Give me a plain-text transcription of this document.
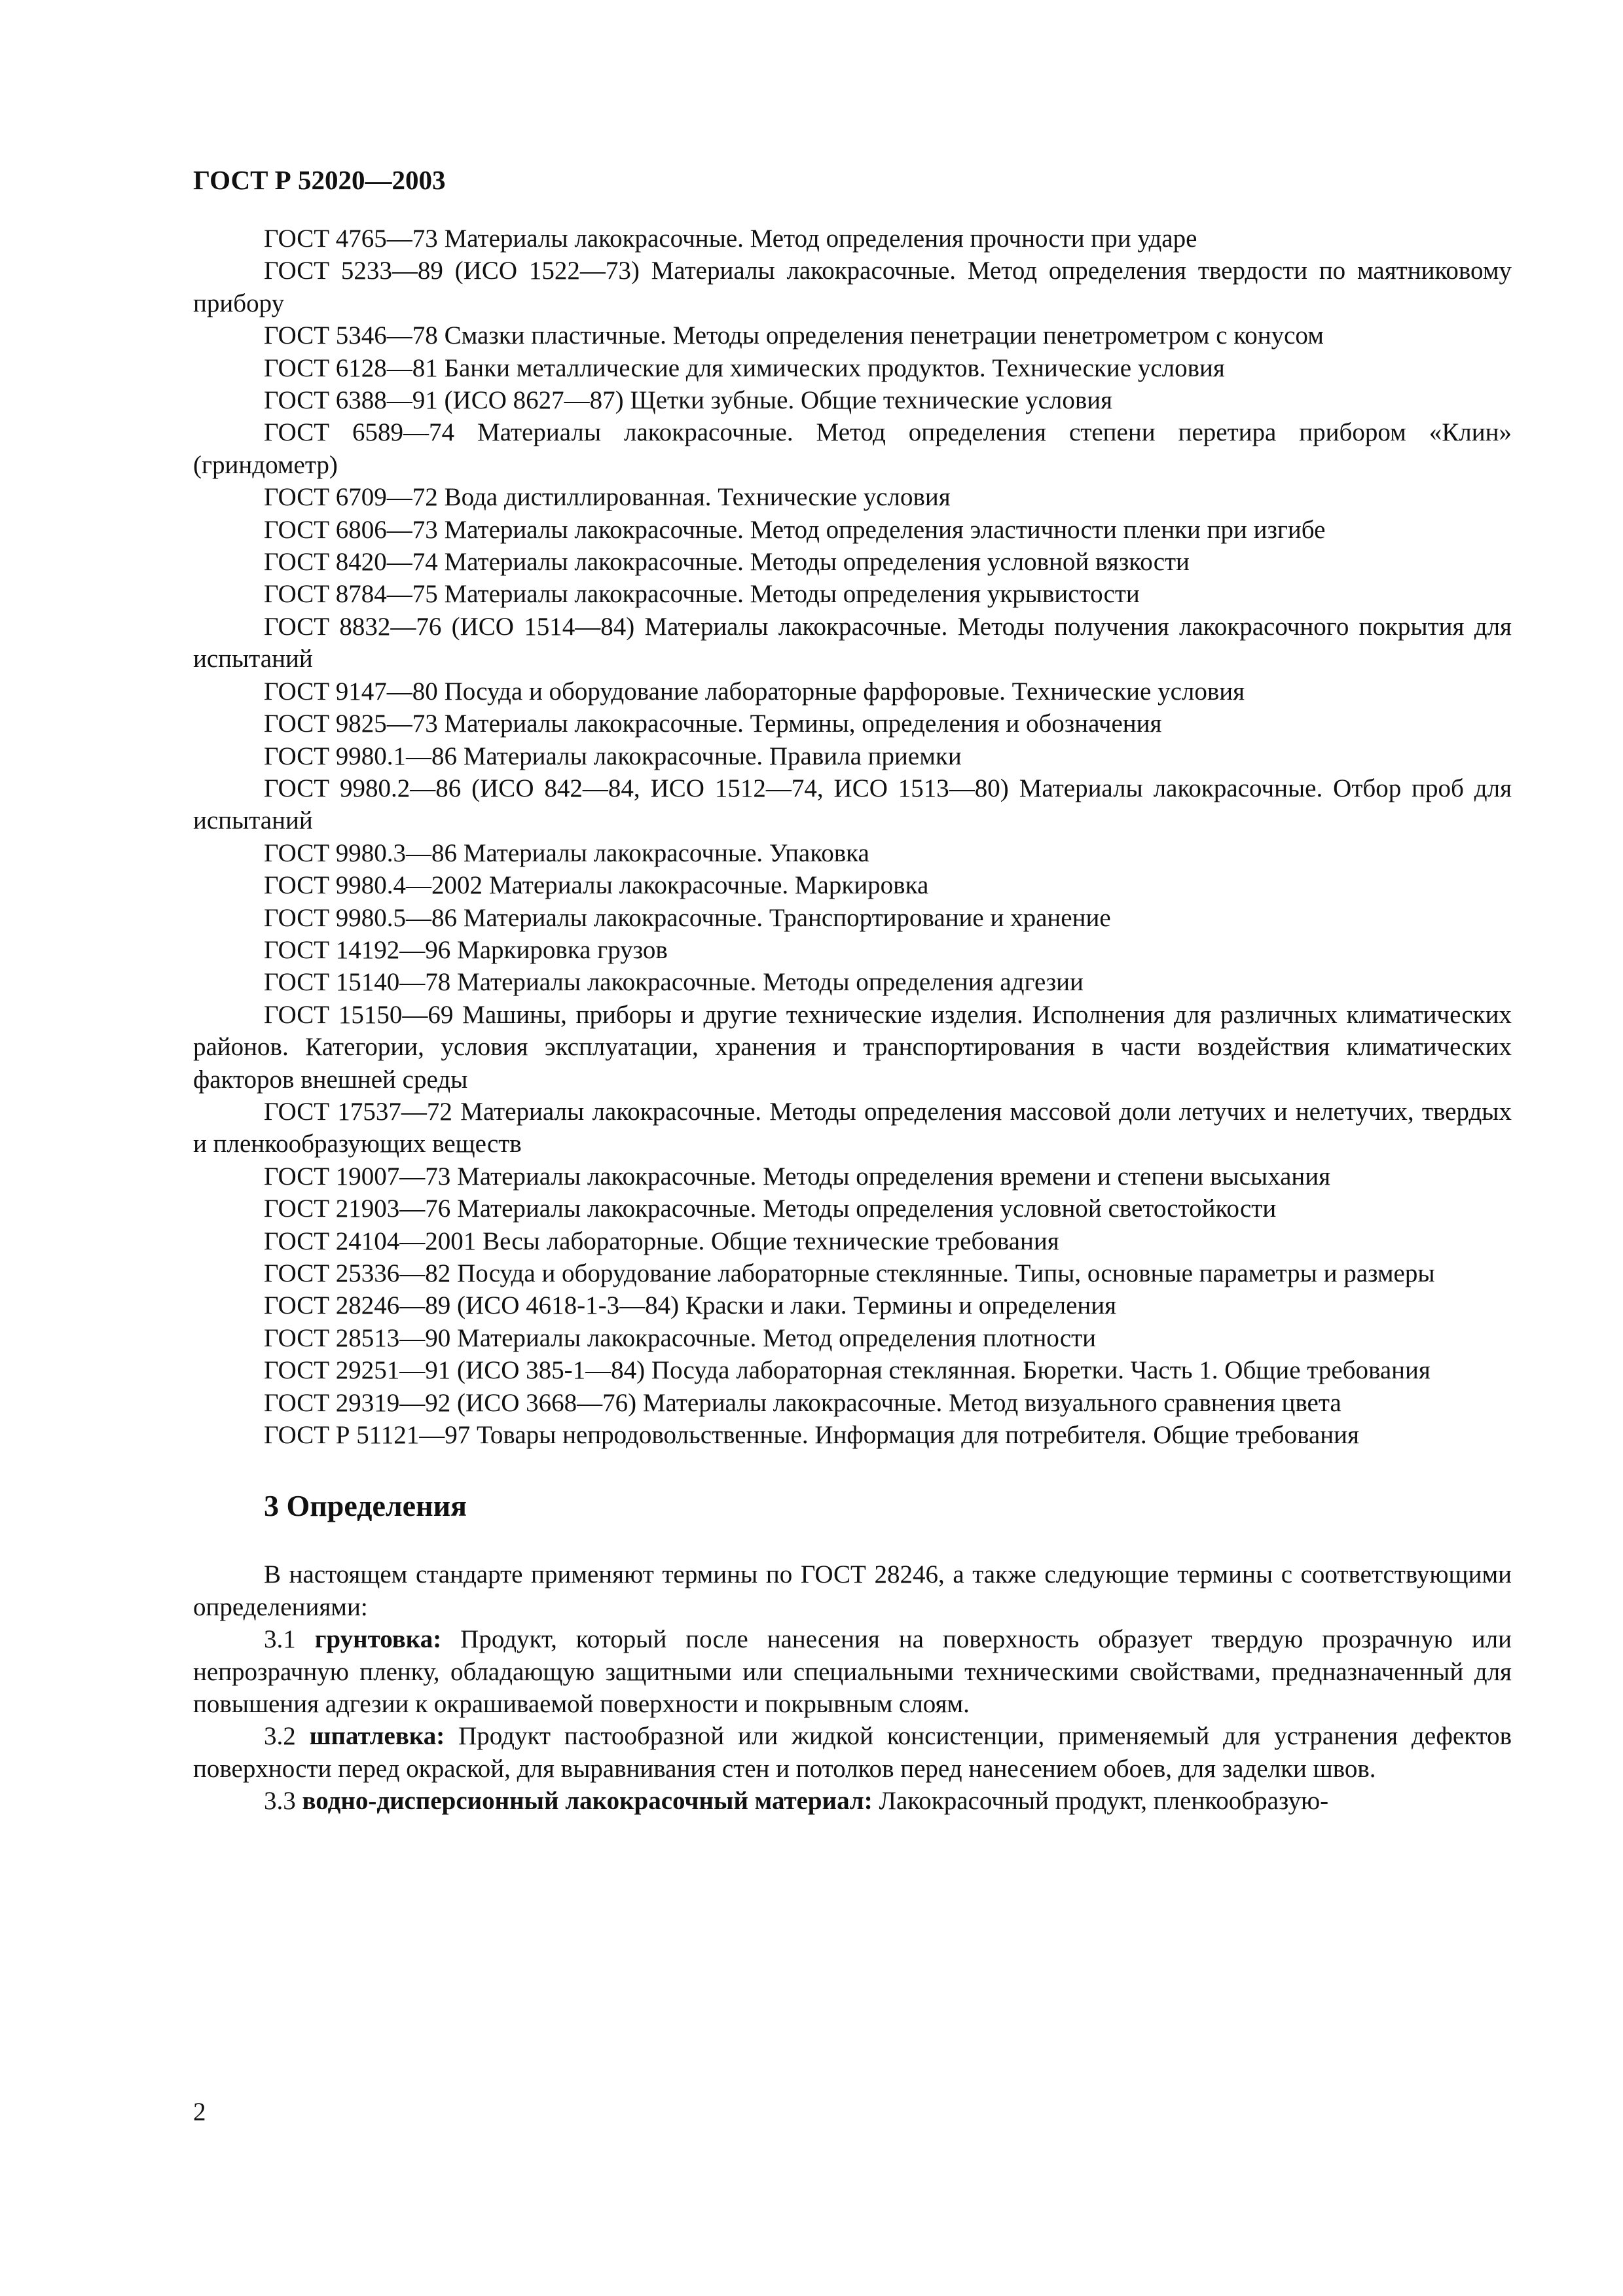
ГОСТ Р 52020—2003

ГОСТ 4765—73 Материалы лакокрасочные. Метод определения прочности при ударе

ГОСТ 5233—89 (ИСО 1522—73) Материалы лакокрасочные. Метод определения твердости по маятниковому прибору

ГОСТ 5346—78 Смазки пластичные. Методы определения пенетрации пенетрометром с конусом

ГОСТ 6128—81 Банки металлические для химических продуктов. Технические условия

ГОСТ 6388—91 (ИСО 8627—87) Щетки зубные. Общие технические условия

ГОСТ 6589—74 Материалы лакокрасочные. Метод определения степени перетира прибором «Клин» (гриндометр)

ГОСТ 6709—72 Вода дистиллированная. Технические условия

ГОСТ 6806—73 Материалы лакокрасочные. Метод определения эластичности пленки при изгибе

ГОСТ 8420—74 Материалы лакокрасочные. Методы определения условной вязкости

ГОСТ 8784—75 Материалы лакокрасочные. Методы определения укрывистости

ГОСТ 8832—76 (ИСО 1514—84) Материалы лакокрасочные. Методы получения лакокрасочного покрытия для испытаний

ГОСТ 9147—80 Посуда и оборудование лабораторные фарфоровые. Технические условия

ГОСТ 9825—73 Материалы лакокрасочные. Термины, определения и обозначения

ГОСТ 9980.1—86 Материалы лакокрасочные. Правила приемки

ГОСТ 9980.2—86 (ИСО 842—84, ИСО 1512—74, ИСО 1513—80) Материалы лакокрасочные. Отбор проб для испытаний

ГОСТ 9980.3—86 Материалы лакокрасочные. Упаковка

ГОСТ 9980.4—2002 Материалы лакокрасочные. Маркировка

ГОСТ 9980.5—86 Материалы лакокрасочные. Транспортирование и хранение

ГОСТ 14192—96 Маркировка грузов

ГОСТ 15140—78 Материалы лакокрасочные. Методы определения адгезии

ГОСТ 15150—69 Машины, приборы и другие технические изделия. Исполнения для различных климатических районов. Категории, условия эксплуатации, хранения и транспортирования в части воздействия климатических факторов внешней среды

ГОСТ 17537—72 Материалы лакокрасочные. Методы определения массовой доли летучих и нелетучих, твердых и пленкообразующих веществ

ГОСТ 19007—73 Материалы лакокрасочные. Методы определения времени и степени высыхания

ГОСТ 21903—76 Материалы лакокрасочные. Методы определения условной светостойкости

ГОСТ 24104—2001 Весы лабораторные. Общие технические требования

ГОСТ 25336—82 Посуда и оборудование лабораторные стеклянные. Типы, основные параметры и размеры

ГОСТ 28246—89 (ИСО 4618-1-3—84) Краски и лаки. Термины и определения

ГОСТ 28513—90 Материалы лакокрасочные. Метод определения плотности

ГОСТ 29251—91 (ИСО 385-1—84) Посуда лабораторная стеклянная. Бюретки. Часть 1. Общие требования

ГОСТ 29319—92 (ИСО 3668—76) Материалы лакокрасочные. Метод визуального сравнения цвета

ГОСТ Р 51121—97 Товары непродовольственные. Информация для потребителя. Общие требования

3 Определения

В настоящем стандарте применяют термины по ГОСТ 28246, а также следующие термины с соответствующими определениями:

3.1 грунтовка: Продукт, который после нанесения на поверхность образует твердую прозрачную или непрозрачную пленку, обладающую защитными или специальными техническими свойствами, предназначенный для повышения адгезии к окрашиваемой поверхности и покрывным слоям.

3.2 шпатлевка: Продукт пастообразной или жидкой консистенции, применяемый для устранения дефектов поверхности перед окраской, для выравнивания стен и потолков перед нанесением обоев, для заделки швов.

3.3 водно-дисперсионный лакокрасочный материал: Лакокрасочный продукт, пленкообразую-

2
